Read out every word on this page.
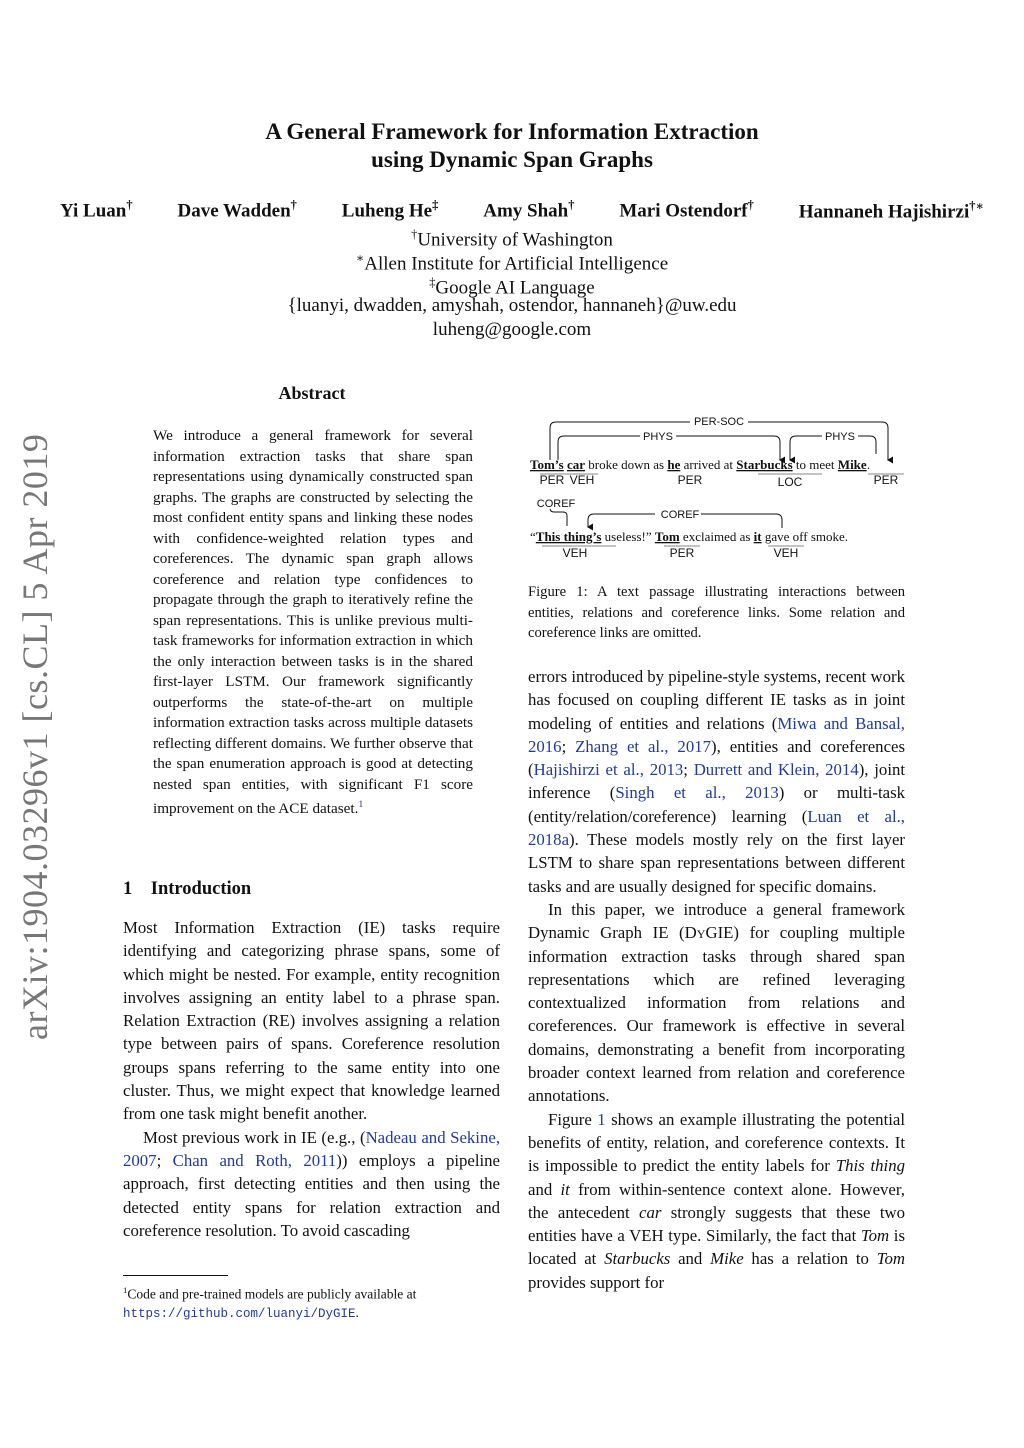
arXiv:1904.03296v1 [cs.CL] 5 Apr 2019
A General Framework for Information Extraction
using Dynamic Span Graphs
Yi Luan† Dave Wadden† Luheng He‡ Amy Shah† Mari Ostendorf† Hannaneh Hajishirzi†∗
†University of Washington
∗Allen Institute for Artificial Intelligence
‡Google AI Language
{luanyi, dwadden, amyshah, ostendor, hannaneh}@uw.edu
luheng@google.com
Abstract
We introduce a general framework for several information extraction tasks that share span representations using dynamically constructed span graphs. The graphs are constructed by selecting the most confident entity spans and linking these nodes with confidence-weighted relation types and coreferences. The dynamic span graph allows coreference and relation type confidences to propagate through the graph to iteratively refine the span representations. This is unlike previous multi-task frameworks for information extraction in which the only interaction between tasks is in the shared first-layer LSTM. Our framework significantly outperforms the state-of-the-art on multiple information extraction tasks across multiple datasets reflecting different domains. We further observe that the span enumeration approach is good at detecting nested span entities, with significant F1 score improvement on the ACE dataset.$^1$
1 Introduction

Most Information Extraction (IE) tasks require identifying and categorizing phrase spans, some of which might be nested. For example, entity recognition involves assigning an entity label to a phrase span. Relation Extraction (RE) involves assigning a relation type between pairs of spans. Coreference resolution groups spans referring to the same entity into one cluster. Thus, we might expect that knowledge learned from one task might benefit another.

Most previous work in IE (e.g., (Nadeau and Sekine, 2007; Chan and Roth, 2011)) employs a pipeline approach, first detecting entities and then using the detected entity spans for relation extraction and coreference resolution. To avoid cascading

$^1$Code and pre-trained models are publicly available at https://github.com/luanyi/DyGIE.
PER-SOC
PHYS	PHYS
COREF
COREF
Tom’s car broke down as he arrived at Starbucks to meet Mike.
PER VEH	PER	LOC	PER
“This thing’s useless!” Tom exclaimed as it gave off smoke.
VEH	PER	VEH
Figure 1: A text passage illustrating interactions between entities, relations and coreference links. Some relation and coreference links are omitted.

errors introduced by pipeline-style systems, recent work has focused on coupling different IE tasks as in joint modeling of entities and relations (Miwa and Bansal, 2016; Zhang et al., 2017), entities and coreferences (Hajishirzi et al., 2013; Durrett and Klein, 2014), joint inference (Singh et al., 2013) or multi-task (entity/relation/coreference) learning (Luan et al., 2018a). These models mostly rely on the first layer LSTM to share span representations between different tasks and are usually designed for specific domains.

In this paper, we introduce a general framework Dynamic Graph IE (DyGIE) for coupling multiple information extraction tasks through shared span representations which are refined leveraging contextualized information from relations and coreferences. Our framework is effective in several domains, demonstrating a benefit from incorporating broader context learned from relation and coreference annotations.

Figure 1 shows an example illustrating the potential benefits of entity, relation, and coreference contexts. It is impossible to predict the entity labels for This thing and it from within-sentence context alone. However, the antecedent car strongly suggests that these two entities have a VEH type. Similarly, the fact that Tom is located at Starbucks and Mike has a relation to Tom provides support for
